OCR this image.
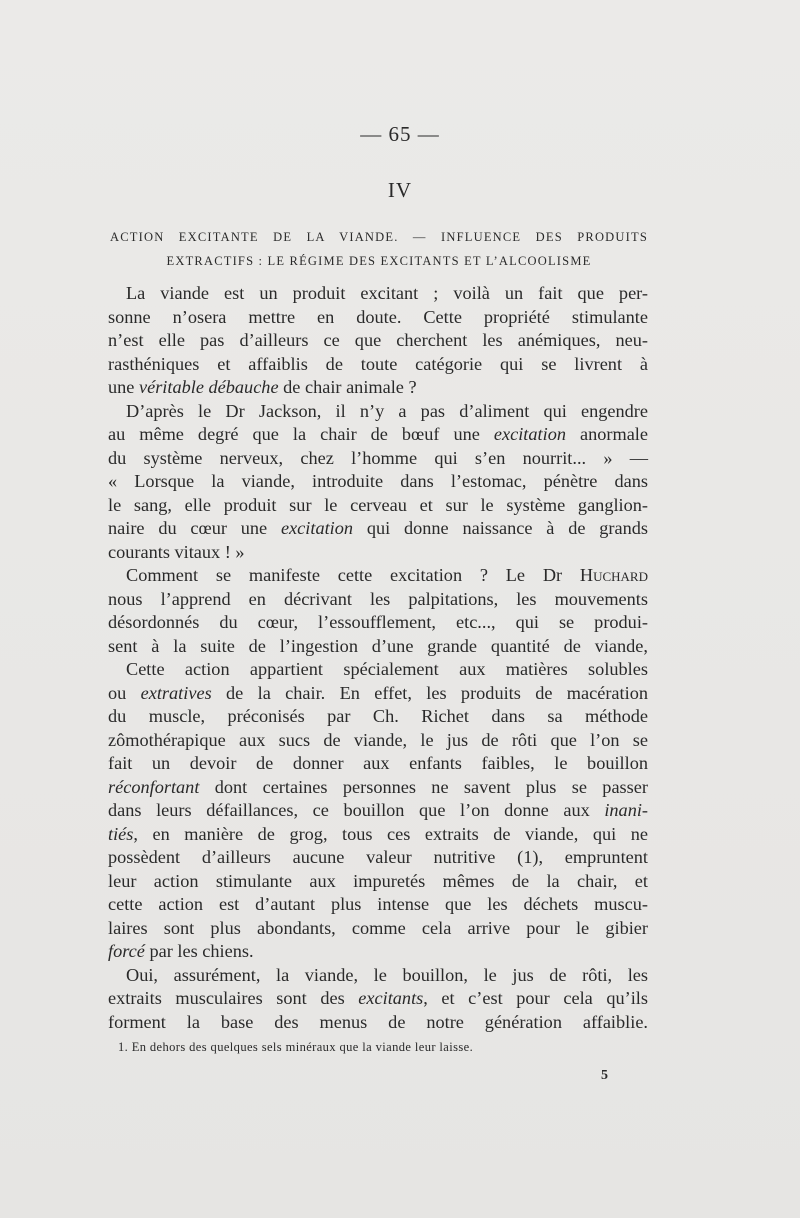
— 65 —
IV
ACTION EXCITANTE DE LA VIANDE. — INFLUENCE DES PRODUITS
EXTRACTIFS : LE RÉGIME DES EXCITANTS ET L’ALCOOLISME
La viande est un produit excitant ; voilà un fait que per-
sonne n’osera mettre en doute. Cette propriété stimulante
n’est elle pas d’ailleurs ce que cherchent les anémiques, neu-
rasthéniques et affaiblis de toute catégorie qui se livrent à
une véritable débauche de chair animale ?
D’après le Dr Jackson, il n’y a pas d’aliment qui engendre
au même degré que la chair de bœuf une excitation anormale
du système nerveux, chez l’homme qui s’en nourrit... » —
« Lorsque la viande, introduite dans l’estomac, pénètre dans
le sang, elle produit sur le cerveau et sur le système ganglion-
naire du cœur une excitation qui donne naissance à de grands
courants vitaux ! »
Comment se manifeste cette excitation ? Le Dr Huchard
nous l’apprend en décrivant les palpitations, les mouvements
désordonnés du cœur, l’essoufflement, etc..., qui se produi-
sent à la suite de l’ingestion d’une grande quantité de viande,
Cette action appartient spécialement aux matières solubles
ou extratives de la chair. En effet, les produits de macération
du muscle, préconisés par Ch. Richet dans sa méthode
zômothérapique aux sucs de viande, le jus de rôti que l’on se
fait un devoir de donner aux enfants faibles, le bouillon
réconfortant dont certaines personnes ne savent plus se passer
dans leurs défaillances, ce bouillon que l’on donne aux inani-
tiés, en manière de grog, tous ces extraits de viande, qui ne
possèdent d’ailleurs aucune valeur nutritive (1), empruntent
leur action stimulante aux impuretés mêmes de la chair, et
cette action est d’autant plus intense que les déchets muscu-
laires sont plus abondants, comme cela arrive pour le gibier
forcé par les chiens.
Oui, assurément, la viande, le bouillon, le jus de rôti, les
extraits musculaires sont des excitants, et c’est pour cela qu’ils
forment la base des menus de notre génération affaiblie.
1. En dehors des quelques sels minéraux que la viande leur laisse.
5
